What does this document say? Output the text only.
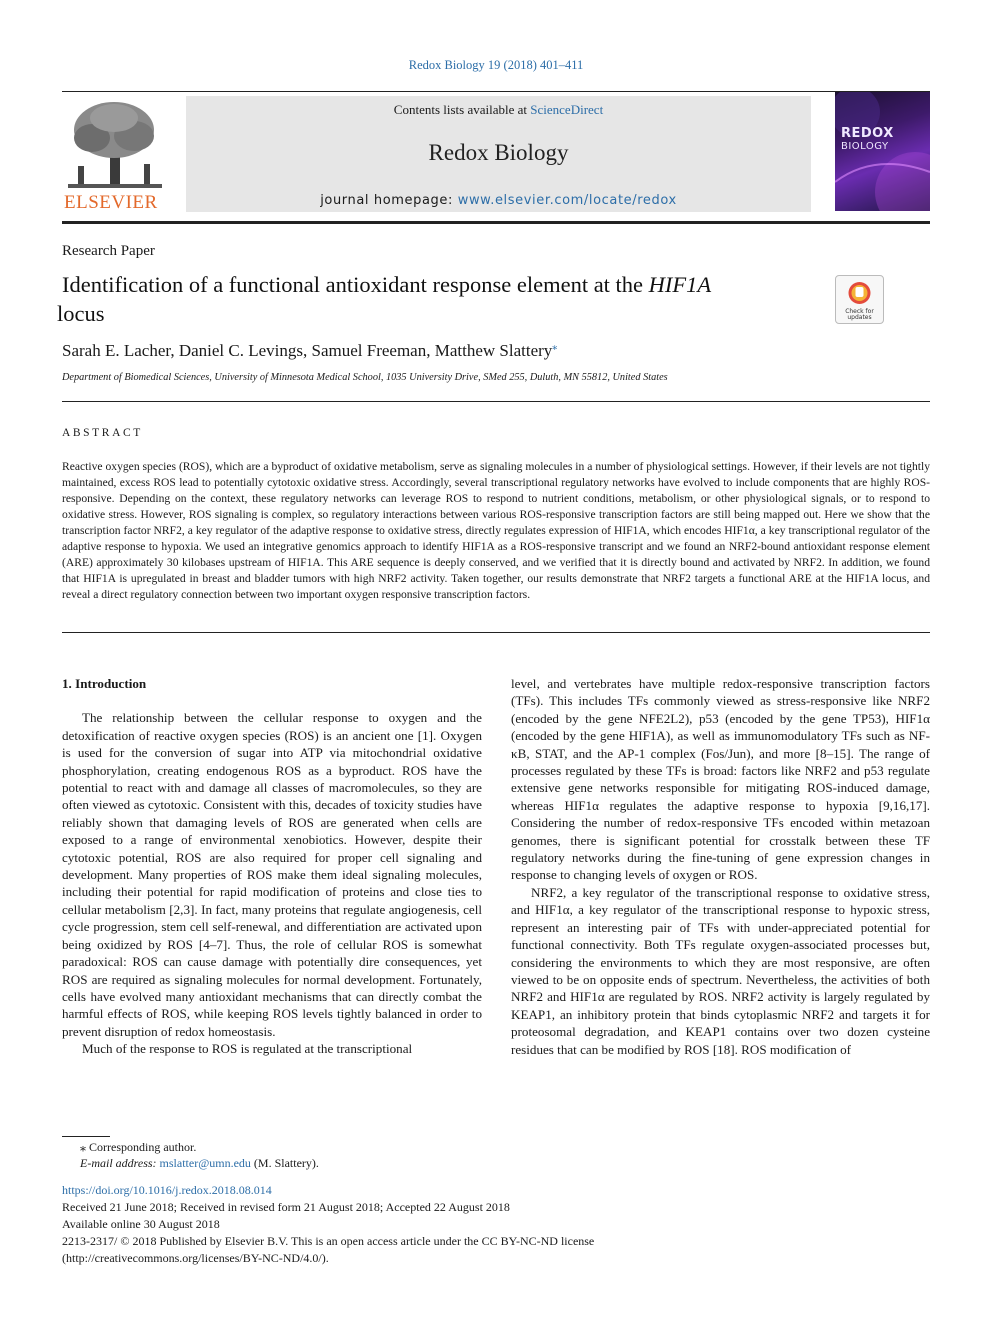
Redox Biology 19 (2018) 401–411
ELSEVIER
Contents lists available at ScienceDirect
Redox Biology
journal homepage: www.elsevier.com/locate/redox
REDOX
BIOLOGY
Research Paper
Identification of a functional antioxidant response element at the HIF1A
locus	Check for
updates
Sarah E. Lacher, Daniel C. Levings, Samuel Freeman, Matthew Slattery⁎
Department of Biomedical Sciences, University of Minnesota Medical School, 1035 University Drive, SMed 255, Duluth, MN 55812, United States
ABSTRACT
Reactive oxygen species (ROS), which are a byproduct of oxidative metabolism, serve as signaling molecules in a number of physiological settings. However, if their levels are not tightly maintained, excess ROS lead to potentially cytotoxic oxidative stress. Accordingly, several transcriptional regulatory networks have evolved to include components that are highly ROS-responsive. Depending on the context, these regulatory networks can leverage ROS to respond to nutrient conditions, metabolism, or other physiological signals, or to respond to oxidative stress. However, ROS signaling is complex, so regulatory interactions between various ROS-responsive transcription factors are still being mapped out. Here we show that the transcription factor NRF2, a key regulator of the adaptive response to oxidative stress, directly regulates expression of HIF1A, which encodes HIF1α, a key transcriptional regulator of the adaptive response to hypoxia. We used an integrative genomics approach to identify HIF1A as a ROS-responsive transcript and we found an NRF2-bound antioxidant response element (ARE) approximately 30 kilobases upstream of HIF1A. This ARE sequence is deeply conserved, and we verified that it is directly bound and activated by NRF2. In addition, we found that HIF1A is upregulated in breast and bladder tumors with high NRF2 activity. Taken together, our results demonstrate that NRF2 targets a functional ARE at the HIF1A locus, and reveal a direct regulatory connection between two important oxygen responsive transcription factors.
1. Introduction

The relationship between the cellular response to oxygen and the detoxification of reactive oxygen species (ROS) is an ancient one [1]. Oxygen is used for the conversion of sugar into ATP via mitochondrial oxidative phosphorylation, creating endogenous ROS as a byproduct. ROS have the potential to react with and damage all classes of macromolecules, so they are often viewed as cytotoxic. Consistent with this, decades of toxicity studies have reliably shown that damaging levels of ROS are generated when cells are exposed to a range of environmental xenobiotics. However, despite their cytotoxic potential, ROS are also required for proper cell signaling and development. Many properties of ROS make them ideal signaling molecules, including their potential for rapid modification of proteins and close ties to cellular metabolism [2,3]. In fact, many proteins that regulate angiogenesis, cell cycle progression, stem cell self-renewal, and differentiation are activated upon being oxidized by ROS [4–7]. Thus, the role of cellular ROS is somewhat paradoxical: ROS can cause damage with potentially dire consequences, yet ROS are required as signaling molecules for normal development. Fortunately, cells have evolved many antioxidant mechanisms that can directly combat the harmful effects of ROS, while keeping ROS levels tightly balanced in order to prevent disruption of redox homeostasis.

Much of the response to ROS is regulated at the transcriptional

level, and vertebrates have multiple redox-responsive transcription factors (TFs). This includes TFs commonly viewed as stress-responsive like NRF2 (encoded by the gene NFE2L2), p53 (encoded by the gene TP53), HIF1α (encoded by the gene HIF1A), as well as immunomodulatory TFs such as NF-κB, STAT, and the AP-1 complex (Fos/Jun), and more [8–15]. The range of processes regulated by these TFs is broad: factors like NRF2 and p53 regulate extensive gene networks responsible for mitigating ROS-induced damage, whereas HIF1α regulates the adaptive response to hypoxia [9,16,17]. Considering the number of redox-responsive TFs encoded within metazoan genomes, there is significant potential for crosstalk between these TF regulatory networks during the fine-tuning of gene expression changes in response to changing levels of oxygen or ROS.

NRF2, a key regulator of the transcriptional response to oxidative stress, and HIF1α, a key regulator of the transcriptional response to hypoxic stress, represent an interesting pair of TFs with under-appreciated potential for functional connectivity. Both TFs regulate oxygen-associated processes but, considering the environments to which they are most responsive, are often viewed to be on opposite ends of spectrum. Nevertheless, the activities of both NRF2 and HIF1α are regulated by ROS. NRF2 activity is largely regulated by KEAP1, an inhibitory protein that binds cytoplasmic NRF2 and targets it for proteosomal degradation, and KEAP1 contains over two dozen cysteine residues that can be modified by ROS [18]. ROS modification of

⁎ Corresponding author.
E-mail address: mslatter@umn.edu (M. Slattery).
https://doi.org/10.1016/j.redox.2018.08.014
Received 21 June 2018; Received in revised form 21 August 2018; Accepted 22 August 2018
Available online 30 August 2018
2213-2317/ © 2018 Published by Elsevier B.V. This is an open access article under the CC BY-NC-ND license
(http://creativecommons.org/licenses/BY-NC-ND/4.0/).
